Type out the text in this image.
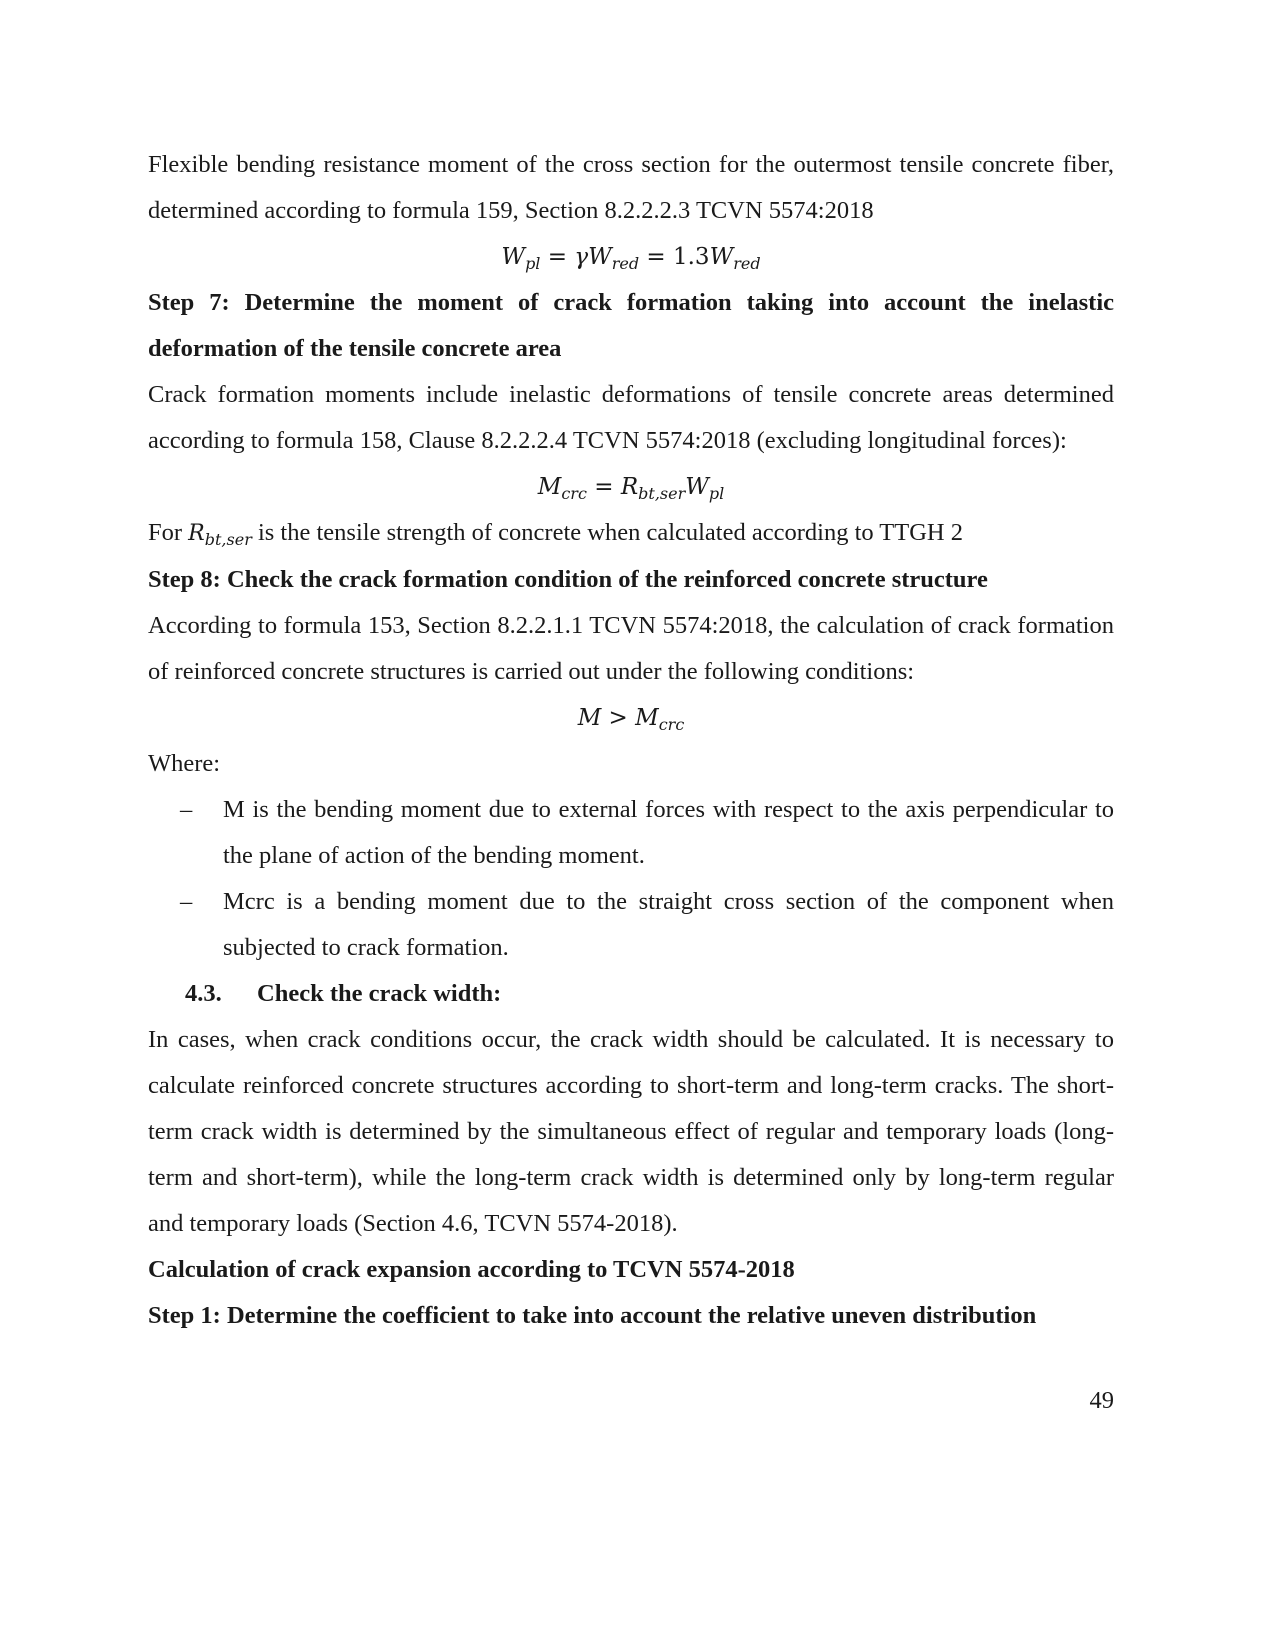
Flexible bending resistance moment of the cross section for the outermost tensile concrete fiber, determined according to formula 159, Section 8.2.2.2.3 TCVN 5574:2018

$W_{pl} = \gamma W_{red} = 1.3W_{red}$

Step 7: Determine the moment of crack formation taking into account the inelastic deformation of the tensile concrete area

Crack formation moments include inelastic deformations of tensile concrete areas determined according to formula 158, Clause 8.2.2.2.4 TCVN 5574:2018 (excluding longitudinal forces):

$M_{crc} = R_{bt,ser}W_{pl}$

For $R_{bt,ser}$ is the tensile strength of concrete when calculated according to TTGH 2

Step 8: Check the crack formation condition of the reinforced concrete structure

According to formula 153, Section 8.2.2.1.1 TCVN 5574:2018, the calculation of crack formation of reinforced concrete structures is carried out under the following conditions:

$M > M_{crc}$

Where:

– M is the bending moment due to external forces with respect to the axis perpendicular to the plane of action of the bending moment.
– Mcrc is a bending moment due to the straight cross section of the component when subjected to crack formation.

4.3. Check the crack width:

In cases, when crack conditions occur, the crack width should be calculated. It is necessary to calculate reinforced concrete structures according to short-term and long-term cracks. The short-term crack width is determined by the simultaneous effect of regular and temporary loads (long-term and short-term), while the long-term crack width is determined only by long-term regular and temporary loads (Section 4.6, TCVN 5574-2018).

Calculation of crack expansion according to TCVN 5574-2018

Step 1: Determine the coefficient to take into account the relative uneven distribution

49
